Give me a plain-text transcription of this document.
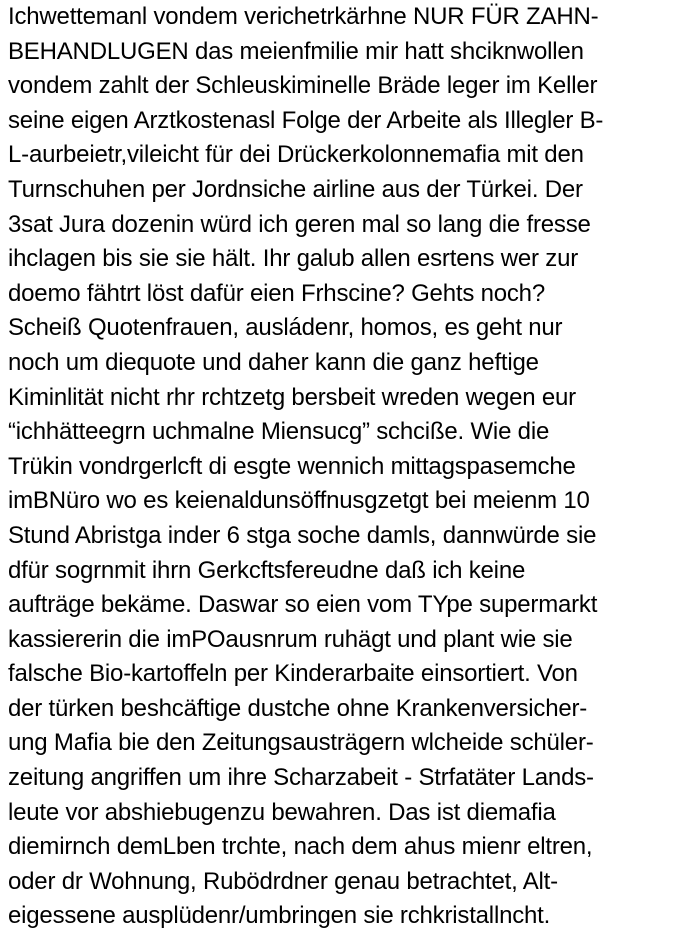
Ichwettemanl vondem verichetrkärhne NUR FÜR ZAHN-
BEHANDLUGEN das meienfmilie mir hatt shciknwollen
vondem zahlt der Schleuskiminelle Bräde leger im Keller
seine eigen Arztkostenasl Folge der Arbeite als Illegler B-
L-aurbeietr,vileicht für dei Drückerkolonnemafia mit den
Turnschuhen per Jordnsiche airline aus der Türkei. Der
3sat Jura dozenin würd ich geren mal so lang die fresse
ihclagen bis sie sie hält. Ihr galub allen esrtens wer zur
doemo fähtrt löst dafür eien Frhscine? Gehts noch?
Scheiß Quotenfrauen, ausládenr, homos, es geht nur
noch um diequote und daher kann die ganz heftige
Kiminlität nicht rhr rchtzetg bersbeit wreden wegen eur
“ichhätteegrn uchmalne Miensucg” schciße. Wie die
Trükin vondrgerlcft di esgte wennich mittagspasemche
imBNüro wo es keienaldunsöffnusgzetgt bei meienm 10
Stund Abristga inder 6 stga soche damls, dannwürde sie
dfür sogrnmit ihrn Gerkcftsfereudne daß ich keine
aufträge bekäme. Daswar so eien vom TYpe supermarkt
kassiererin die imPOausnrum ruhägt und plant wie sie
falsche Bio-kartoffeln per Kinderarbaite einsortiert. Von
der türken beshcäftige dustche ohne Krankenversicher-
ung Mafia bie den Zeitungsausträgern wlcheide schüler-
zeitung angriffen um ihre Scharzabeit - Strfatäter Lands-
leute vor abshiebugenzu bewahren. Das ist diemafia
diemirnch demLben trchte, nach dem ahus mienr eltren,
oder dr Wohnung, Rubödrdner genau betrachtet, Alt-
eigessene ausplüdenr/umbringen sie rchkristallncht.
